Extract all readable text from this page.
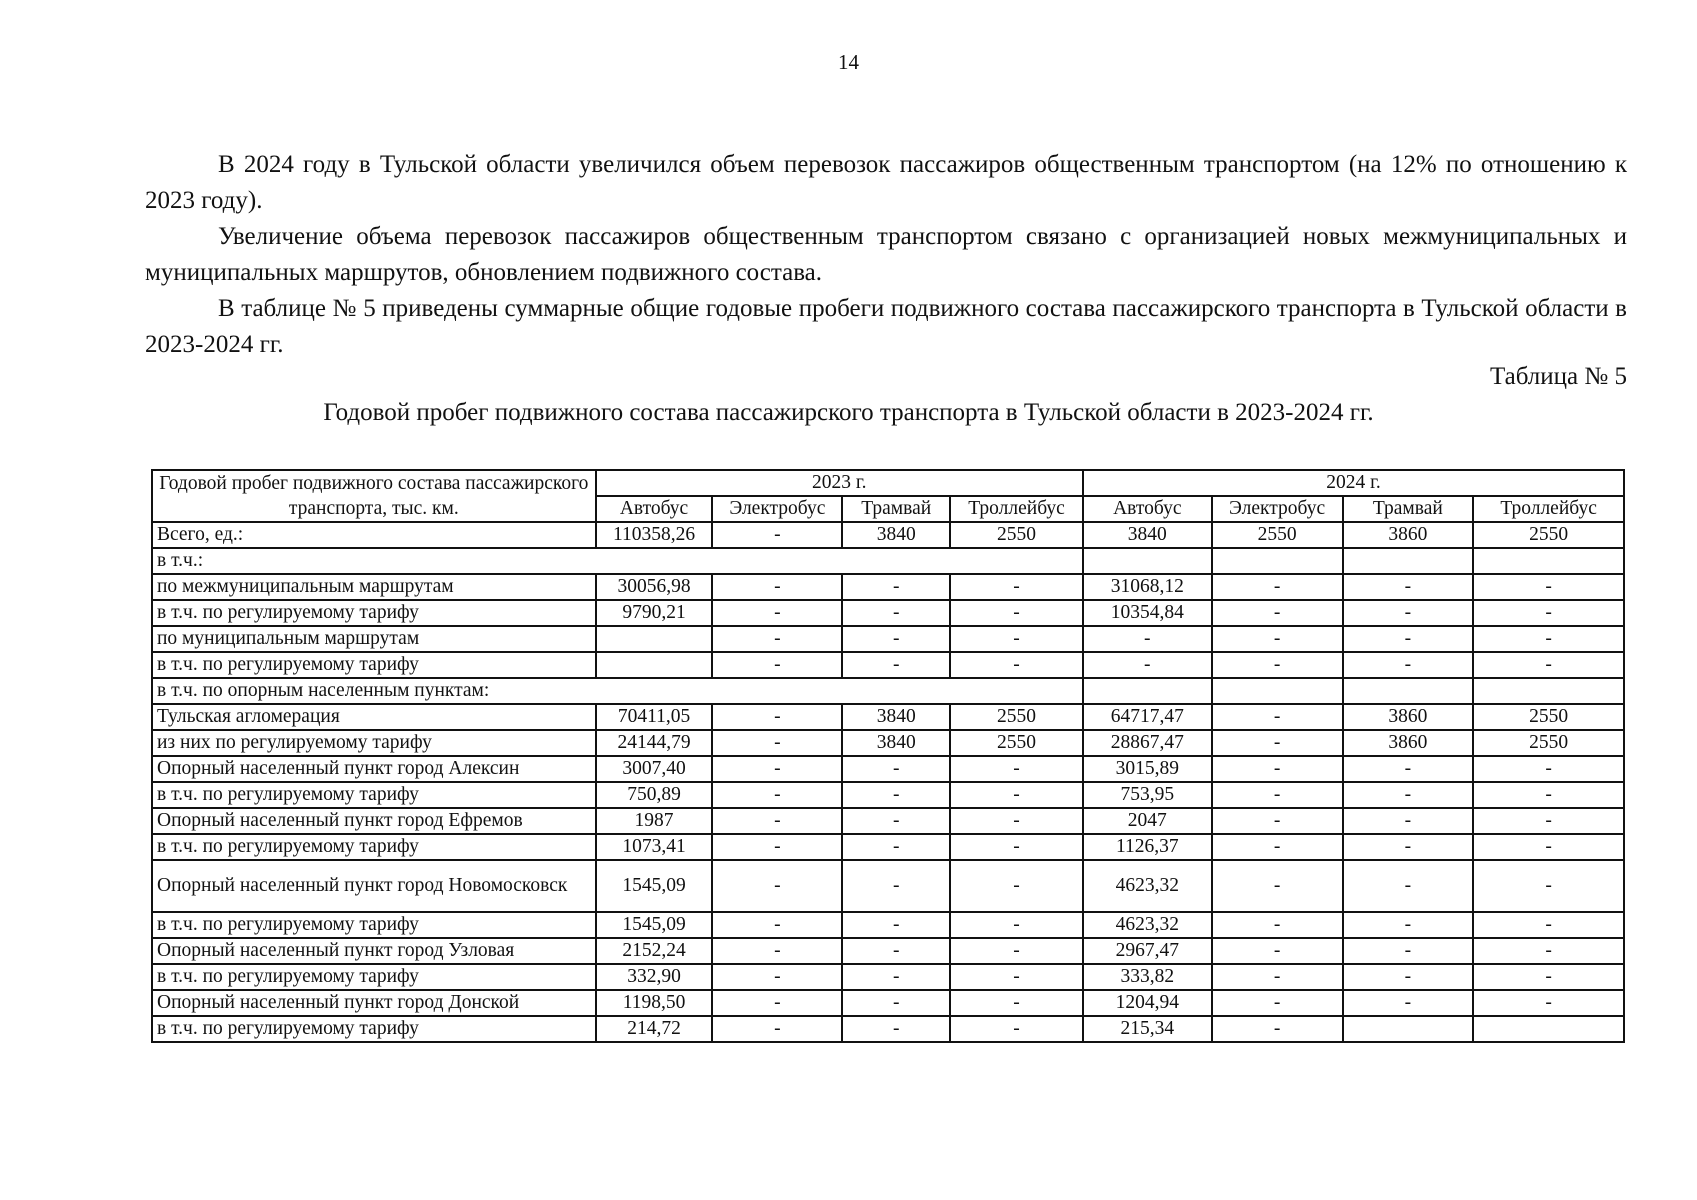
14

В 2024 году в Тульской области увеличился объем перевозок пассажиров общественным транспортом (на 12% по отношению к 2023 году).

Увеличение объема перевозок пассажиров общественным транспортом связано с организацией новых межмуниципальных и муниципальных маршрутов, обновлением подвижного состава.

В таблице № 5 приведены суммарные общие годовые пробеги подвижного состава пассажирского транспорта в Тульской области в 2023-2024 гг.

Таблица № 5
Годовой пробег подвижного состава пассажирского транспорта в Тульской области в 2023-2024 гг.
Годовой пробег подвижного состава пассажирского транспорта, тыс. км.	2023 г.				2024 г.			
	Автобус	Электробус	Трамвай	Троллейбус	Автобус	Электробус	Трамвай	Троллейбус
Всего, ед.:	110358,26	-	3840	2550	3840	2550	3860	2550
в т.ч.:								
по межмуниципальным маршрутам	30056,98	-	-	-	31068,12	-	-	-
в т.ч. по регулируемому тарифу	9790,21	-	-	-	10354,84	-	-	-
по муниципальным маршрутам		-	-	-	-	-	-	-
в т.ч. по регулируемому тарифу		-	-	-	-	-	-	-
в т.ч. по опорным населенным пунктам:								
Тульская агломерация	70411,05	-	3840	2550	64717,47	-	3860	2550
из них по регулируемому тарифу	24144,79	-	3840	2550	28867,47	-	3860	2550
Опорный населенный пункт город Алексин	3007,40	-	-	-	3015,89	-	-	-
в т.ч. по регулируемому тарифу	750,89	-	-	-	753,95	-	-	-
Опорный населенный пункт город Ефремов	1987	-	-	-	2047	-	-	-
в т.ч. по регулируемому тарифу	1073,41	-	-	-	1126,37	-	-	-
Опорный населенный пункт город Новомосковск	1545,09	-	-	-	4623,32	-	-	-
в т.ч. по регулируемому тарифу	1545,09	-	-	-	4623,32	-	-	-
Опорный населенный пункт город Узловая	2152,24	-	-	-	2967,47	-	-	-
в т.ч. по регулируемому тарифу	332,90	-	-	-	333,82	-	-	-
Опорный населенный пункт город Донской	1198,50	-	-	-	1204,94	-	-	-
в т.ч. по регулируемому тарифу	214,72	-	-	-	215,34	-		
